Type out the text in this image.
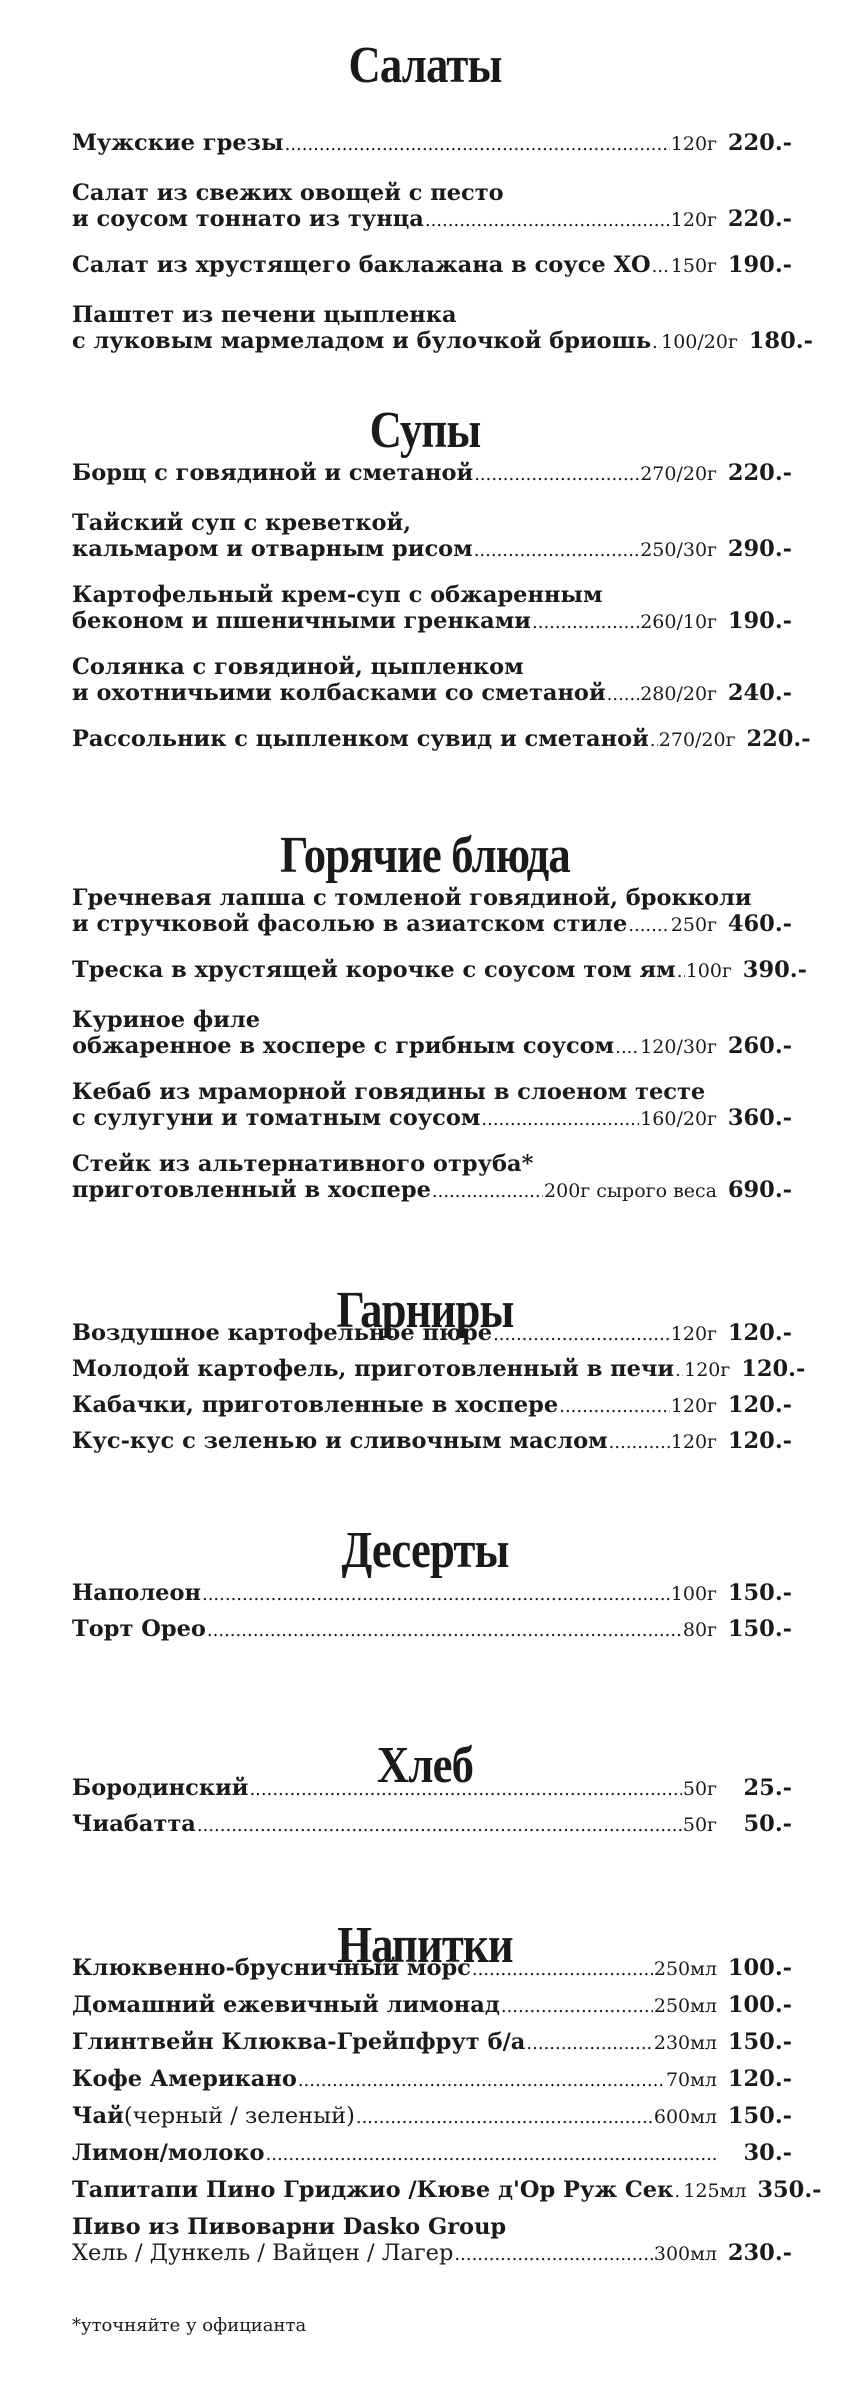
Салаты
Мужские грезы .....	120г 220.-
Салат из свежих овощей с песто
и соусом тоннато из тунца .....	120г 220.-
Салат из хрустящего баклажана в соусе ХО ..... 150г 190.-
Паштет из печени цыпленка
с луковым мармеладом и булочкой бриошь ..... 100/20г 180.-
Супы
Борщ с говядиной и сметаной .....	270/20г 220.-
Тайский суп с креветкой,
кальмаром и отварным рисом .....	250/30г 290.-
Картофельный крем-суп с обжаренным
беконом и пшеничными гренками .....	260/10г 190.-
Солянка с говядиной, цыпленком
и охотничьими колбасками со сметаной ..... 280/20г 240.-
Рассольник с цыпленком сувид и сметаной ..... 270/20г 220.-
Горячие блюда
Гречневая лапша с томленой говядиной, брокколи
и стручковой фасолью в азиатском стиле ..... 250г 460.-
Треска в хрустящей корочке с соусом том ям ..... 100г 390.-
Куриное филе
обжаренное в хоспере с грибным соусом ..... 120/30г 260.-
Кебаб из мраморной говядины в слоеном тесте
с сулугуни и томатным соусом .....	160/20г 360.-
Стейк из альтернативного отруба*
приготовленный в хоспере .....	200г сырого веса 690.-
Гарниры
Воздушное картофельное пюре .....	120г 120.-
Молодой картофель, приготовленный в печи ..... 120г 120.-
Кабачки, приготовленные в хоспере .....	120г 120.-
Кус-кус с зеленью и сливочным маслом .....	120г 120.-
Десерты
Наполеон .....	100г 150.-
Торт Орео .....	80г 150.-
Хлеб
Бородинский .....	50г	25.-
Чиабатта .....	50г	50.-
Напитки
Клюквенно-брусничный морс .....	250мл 100.-
Домашний ежевичный лимонад .....	250мл 100.-
Глинтвейн Клюква-Грейпфрут б/а .....	230мл 150.-
Кофе Американо .....	70мл 120.-
Чай (черный / зеленый) .....	600мл 150.-
Лимон/молоко .....	30.-
Тапитапи Пино Гриджио /Кюве д'Ор Руж Сек ..... 125мл 350.-
Пиво из Пивоварни Dasko Group
Хель / Дункель / Вайцен / Лагер .....	300мл 230.-
*уточняйте у официанта
